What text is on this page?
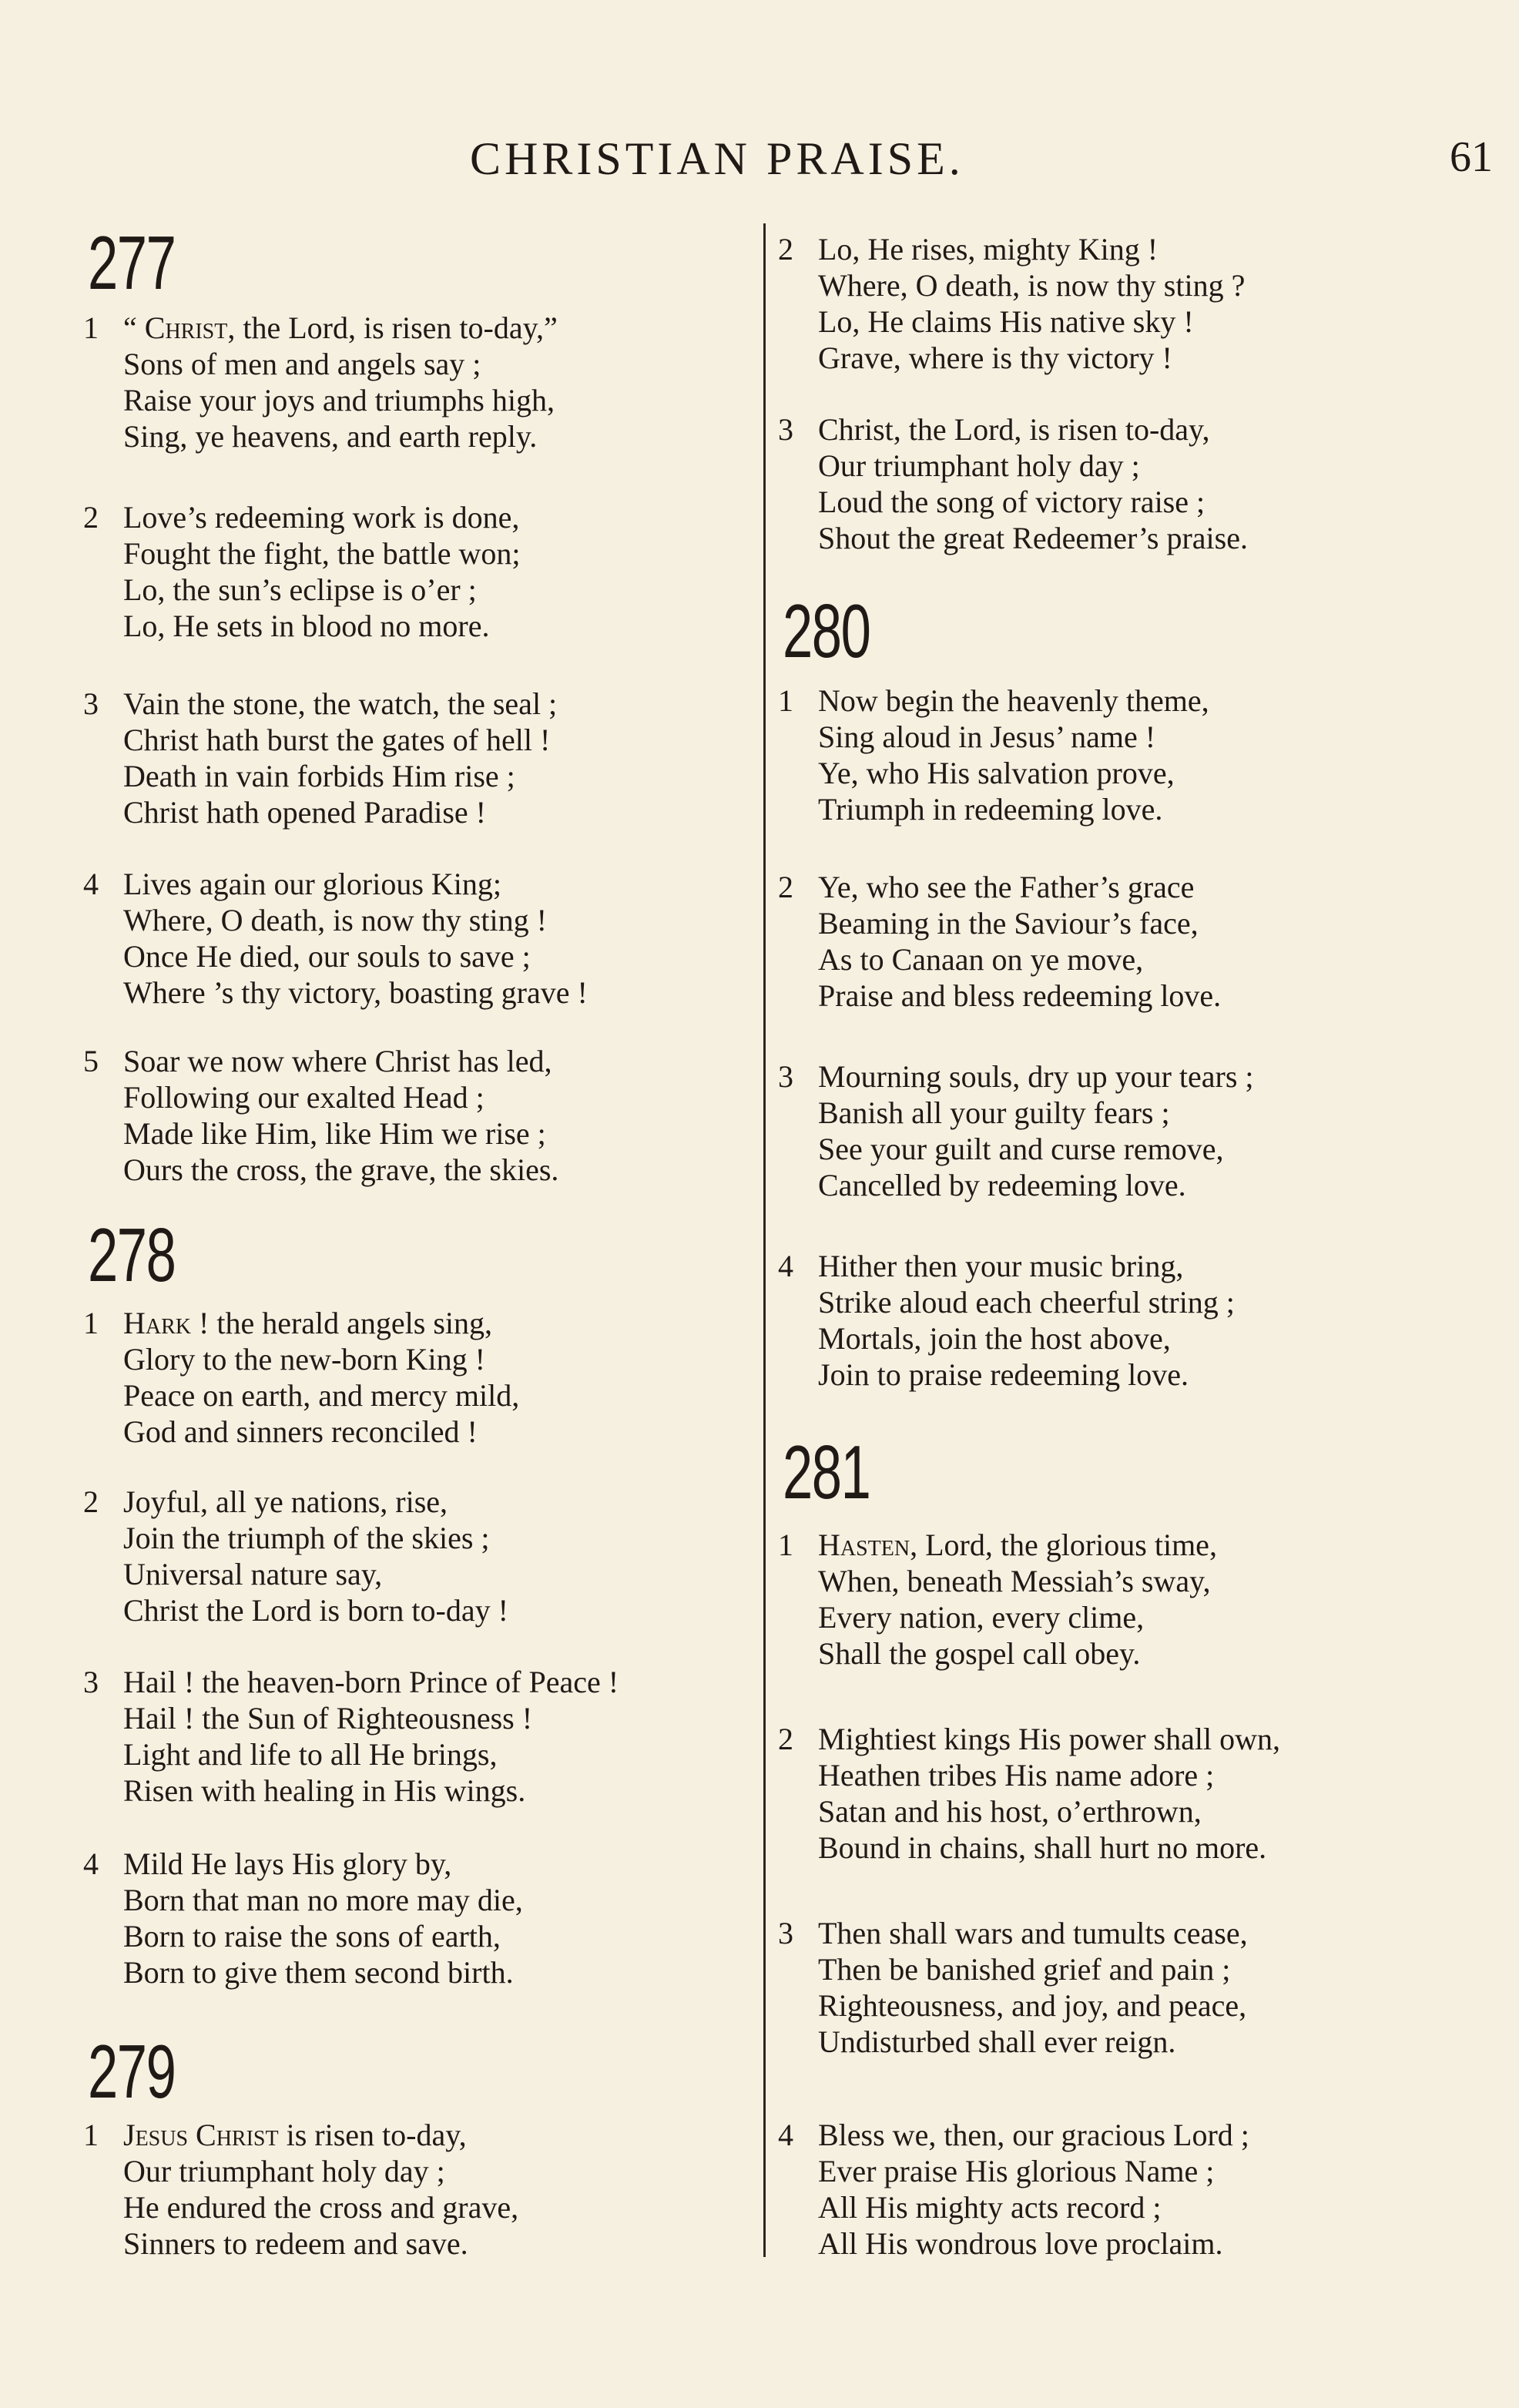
CHRISTIAN PRAISE.	61
277
1 “ Christ, the Lord, is risen to-day,”
Sons of men and angels say ;
Raise your joys and triumphs high,
Sing, ye heavens, and earth reply.
2 Love’s redeeming work is done,
Fought the fight, the battle won;
Lo, the sun’s eclipse is o’er ;
Lo, He sets in blood no more.
3 Vain the stone, the watch, the seal ;
Christ hath burst the gates of hell !
Death in vain forbids Him rise ;
Christ hath opened Paradise !
4 Lives again our glorious King;
Where, O death, is now thy sting !
Once He died, our souls to save ;
Where ’s thy victory, boasting grave !
5 Soar we now where Christ has led,
Following our exalted Head ;
Made like Him, like Him we rise ;
Ours the cross, the grave, the skies.
278
1 Hark ! the herald angels sing,
Glory to the new-born King !
Peace on earth, and mercy mild,
God and sinners reconciled !
2 Joyful, all ye nations, rise,
Join the triumph of the skies ;
Universal nature say,
Christ the Lord is born to-day !
3 Hail ! the heaven-born Prince of Peace !
Hail ! the Sun of Righteousness !
Light and life to all He brings,
Risen with healing in His wings.
4 Mild He lays His glory by,
Born that man no more may die,
Born to raise the sons of earth,
Born to give them second birth.
279
1 Jesus Christ is risen to-day,
Our triumphant holy day ;
He endured the cross and grave,
Sinners to redeem and save.
2 Lo, He rises, mighty King !
Where, O death, is now thy sting ?
Lo, He claims His native sky !
Grave, where is thy victory !
3 Christ, the Lord, is risen to-day,
Our triumphant holy day ;
Loud the song of victory raise ;
Shout the great Redeemer’s praise.
280
1 Now begin the heavenly theme,
Sing aloud in Jesus’ name !
Ye, who His salvation prove,
Triumph in redeeming love.
2 Ye, who see the Father’s grace
Beaming in the Saviour’s face,
As to Canaan on ye move,
Praise and bless redeeming love.
3 Mourning souls, dry up your tears ;
Banish all your guilty fears ;
See your guilt and curse remove,
Cancelled by redeeming love.
4 Hither then your music bring,
Strike aloud each cheerful string ;
Mortals, join the host above,
Join to praise redeeming love.
281
1 Hasten, Lord, the glorious time,
When, beneath Messiah’s sway,
Every nation, every clime,
Shall the gospel call obey.
2 Mightiest kings His power shall own,
Heathen tribes His name adore ;
Satan and his host, o’erthrown,
Bound in chains, shall hurt no more.
3 Then shall wars and tumults cease,
Then be banished grief and pain ;
Righteousness, and joy, and peace,
Undisturbed shall ever reign.
4 Bless we, then, our gracious Lord ;
Ever praise His glorious Name ;
All His mighty acts record ;
All His wondrous love proclaim.
